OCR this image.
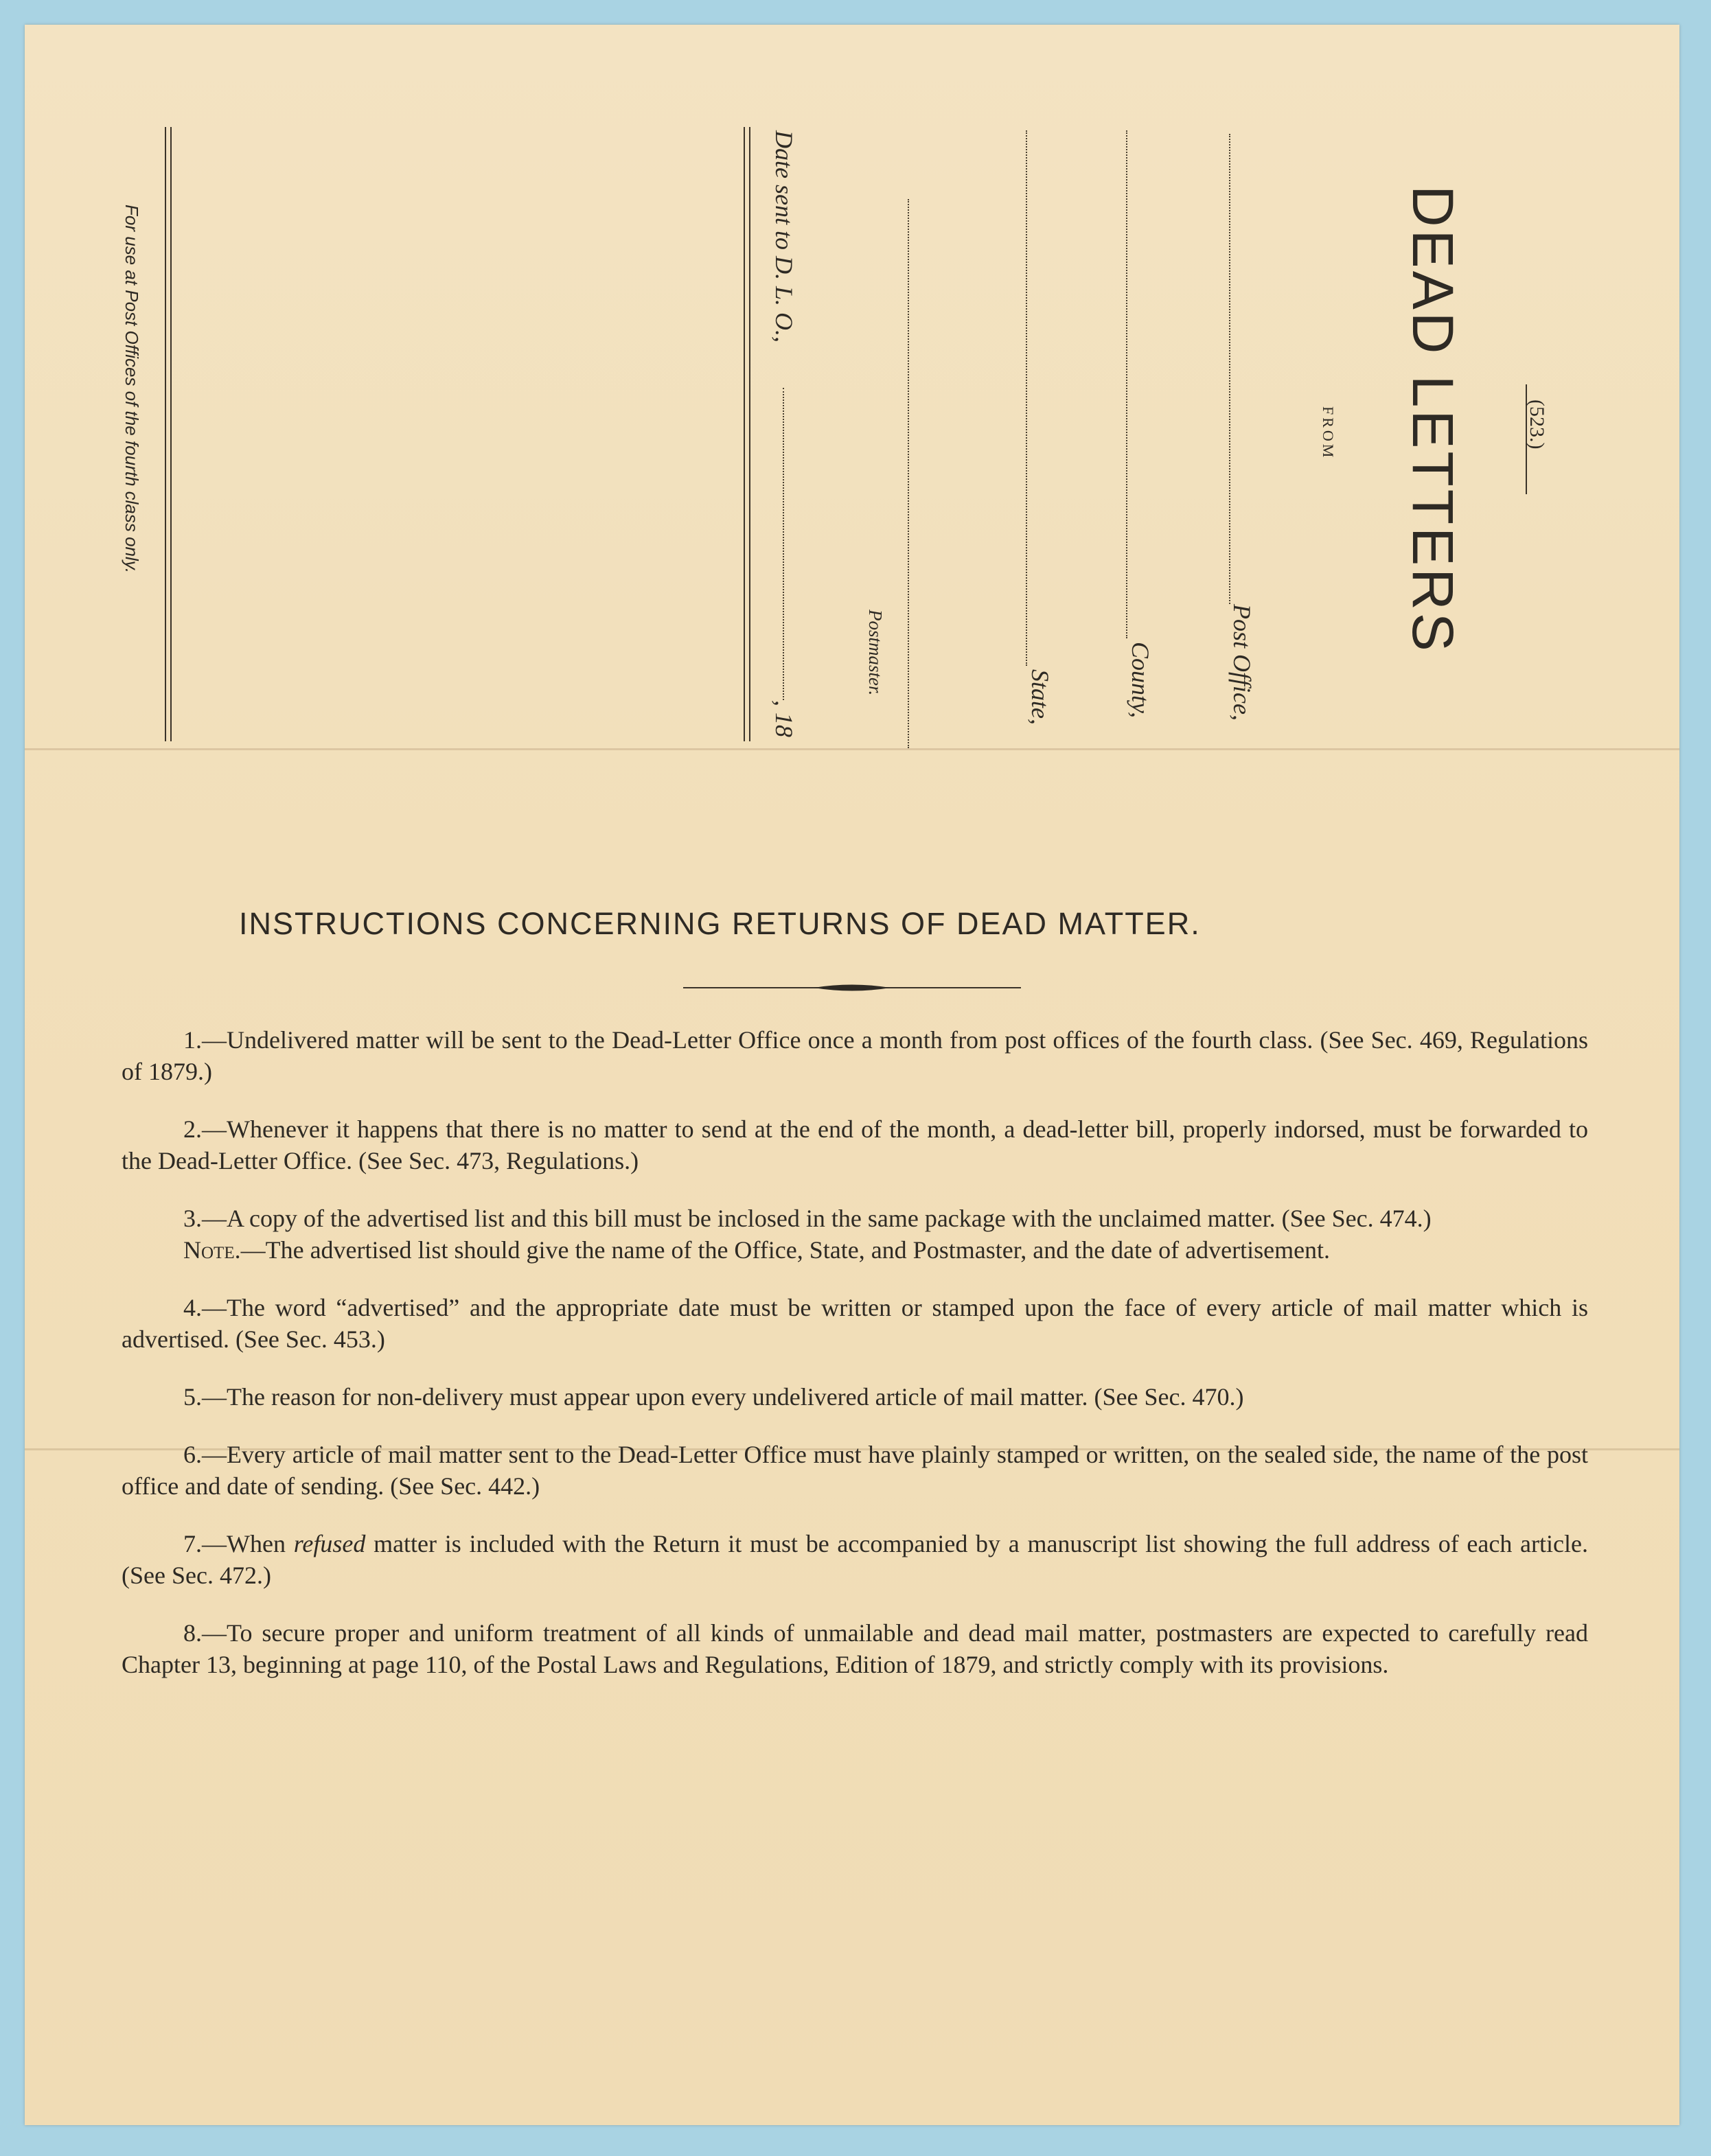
DEAD LETTERS	(523.)
FROM
Post Office,
County,
State,
Postmaster.
Date sent to D. L. O.,
, 18
For use at Post Offices of the fourth class only.
INSTRUCTIONS CONCERNING RETURNS OF DEAD MATTER.

1.—Undelivered matter will be sent to the Dead-Letter Office once a month from post offices of the fourth class. (See Sec. 469, Regulations of 1879.)

2.—Whenever it happens that there is no matter to send at the end of the month, a dead-letter bill, properly indorsed, must be forwarded to the Dead-Letter Office. (See Sec. 473, Regulations.)

3.—A copy of the advertised list and this bill must be inclosed in the same package with the unclaimed matter. (See Sec. 474.)

Note.—The advertised list should give the name of the Office, State, and Postmaster, and the date of advertisement.

4.—The word “advertised” and the appropriate date must be written or stamped upon the face of every article of mail matter which is advertised. (See Sec. 453.)

5.—The reason for non-delivery must appear upon every undelivered article of mail matter. (See Sec. 470.)

6.—Every article of mail matter sent to the Dead-Letter Office must have plainly stamped or written, on the sealed side, the name of the post office and date of sending. (See Sec. 442.)

7.—When refused matter is included with the Return it must be accompanied by a manuscript list showing the full address of each article. (See Sec. 472.)

8.—To secure proper and uniform treatment of all kinds of unmailable and dead mail matter, postmasters are expected to carefully read Chapter 13, beginning at page 110, of the Postal Laws and Regulations, Edition of 1879, and strictly comply with its provisions.
